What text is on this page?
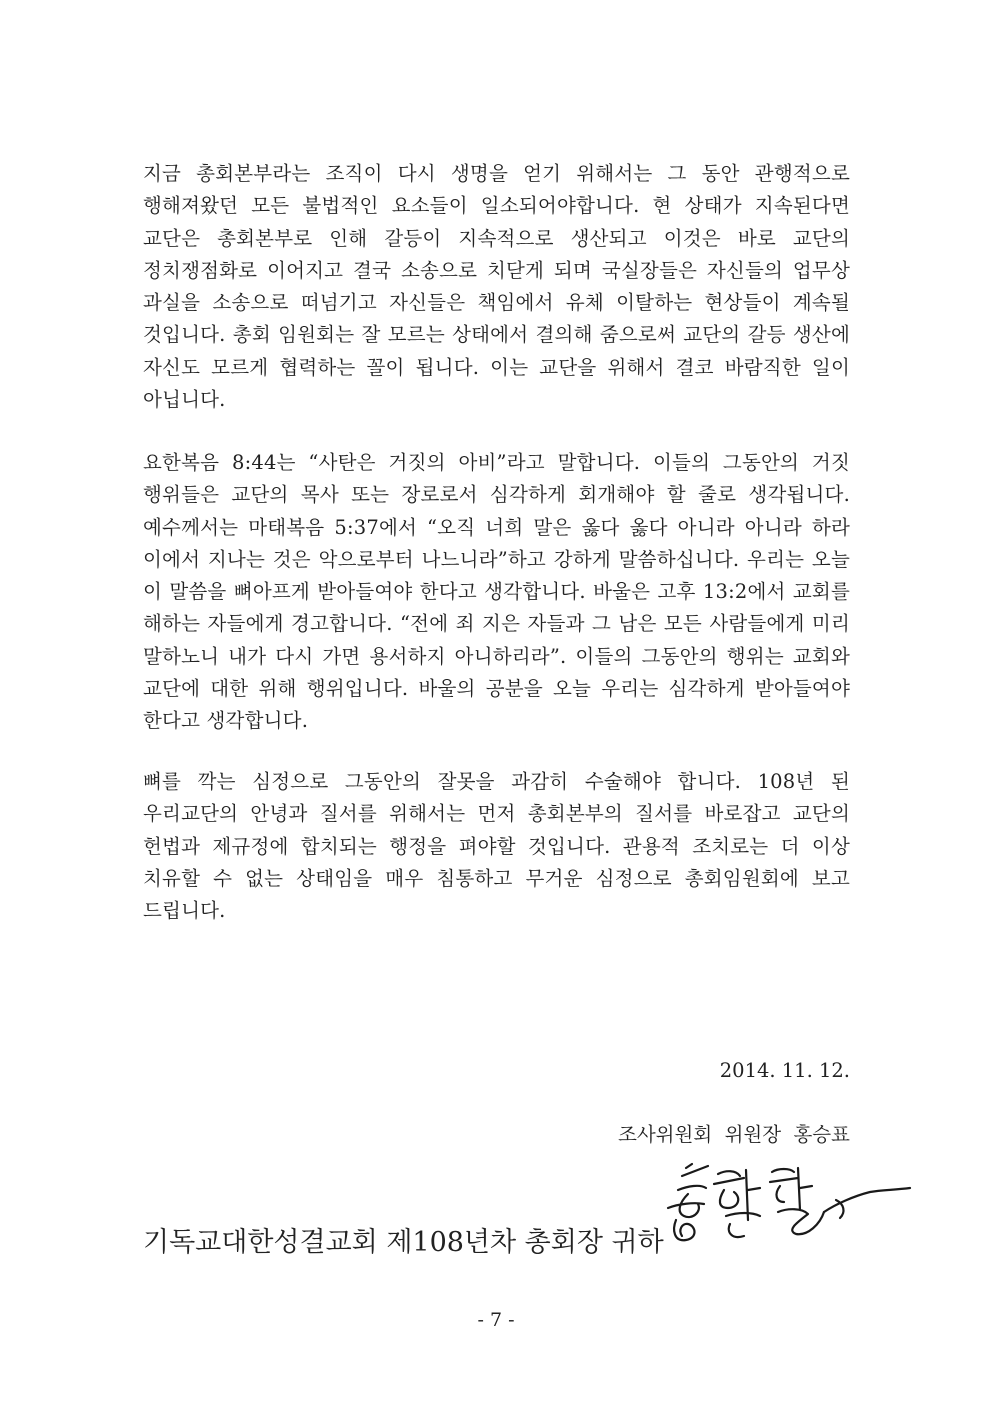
지금 총회본부라는 조직이 다시 생명을 얻기 위해서는 그 동안 관행적으로 행해져왔던 모든 불법적인 요소들이 일소되어야합니다. 현 상태가 지속된다면 교단은 총회본부로 인해 갈등이 지속적으로 생산되고 이것은 바로 교단의 정치쟁점화로 이어지고 결국 소송으로 치닫게 되며 국실장들은 자신들의 업무상 과실을 소송으로 떠넘기고 자신들은 책임에서 유체 이탈하는 현상들이 계속될 것입니다. 총회 임원회는 잘 모르는 상태에서 결의해 줌으로써 교단의 갈등 생산에 자신도 모르게 협력하는 꼴이 됩니다. 이는 교단을 위해서 결코 바람직한 일이 아닙니다.

요한복음 8:44는 “사탄은 거짓의 아비”라고 말합니다. 이들의 그동안의 거짓 행위들은 교단의 목사 또는 장로로서 심각하게 회개해야 할 줄로 생각됩니다. 예수께서는 마태복음 5:37에서 “오직 너희 말은 옳다 옳다 아니라 아니라 하라 이에서 지나는 것은 악으로부터 나느니라”하고 강하게 말씀하십니다. 우리는 오늘 이 말씀을 뼈아프게 받아들여야 한다고 생각합니다. 바울은 고후 13:2에서 교회를 해하는 자들에게 경고합니다. “전에 죄 지은 자들과 그 남은 모든 사람들에게 미리 말하노니 내가 다시 가면 용서하지 아니하리라”. 이들의 그동안의 행위는 교회와 교단에 대한 위해 행위입니다. 바울의 공분을 오늘 우리는 심각하게 받아들여야 한다고 생각합니다.

뼈를 깍는 심정으로 그동안의 잘못을 과감히 수술해야 합니다. 108년 된 우리교단의 안녕과 질서를 위해서는 먼저 총회본부의 질서를 바로잡고 교단의 헌법과 제규정에 합치되는 행정을 펴야할 것입니다. 관용적 조치로는 더 이상 치유할 수 없는 상태임을 매우 침통하고 무거운 심정으로 총회임원회에 보고 드립니다.

2014. 11. 12.
조사위원회  위원장  홍승표
기독교대한성결교회 제108년차 총회장 귀하
- 7 -
